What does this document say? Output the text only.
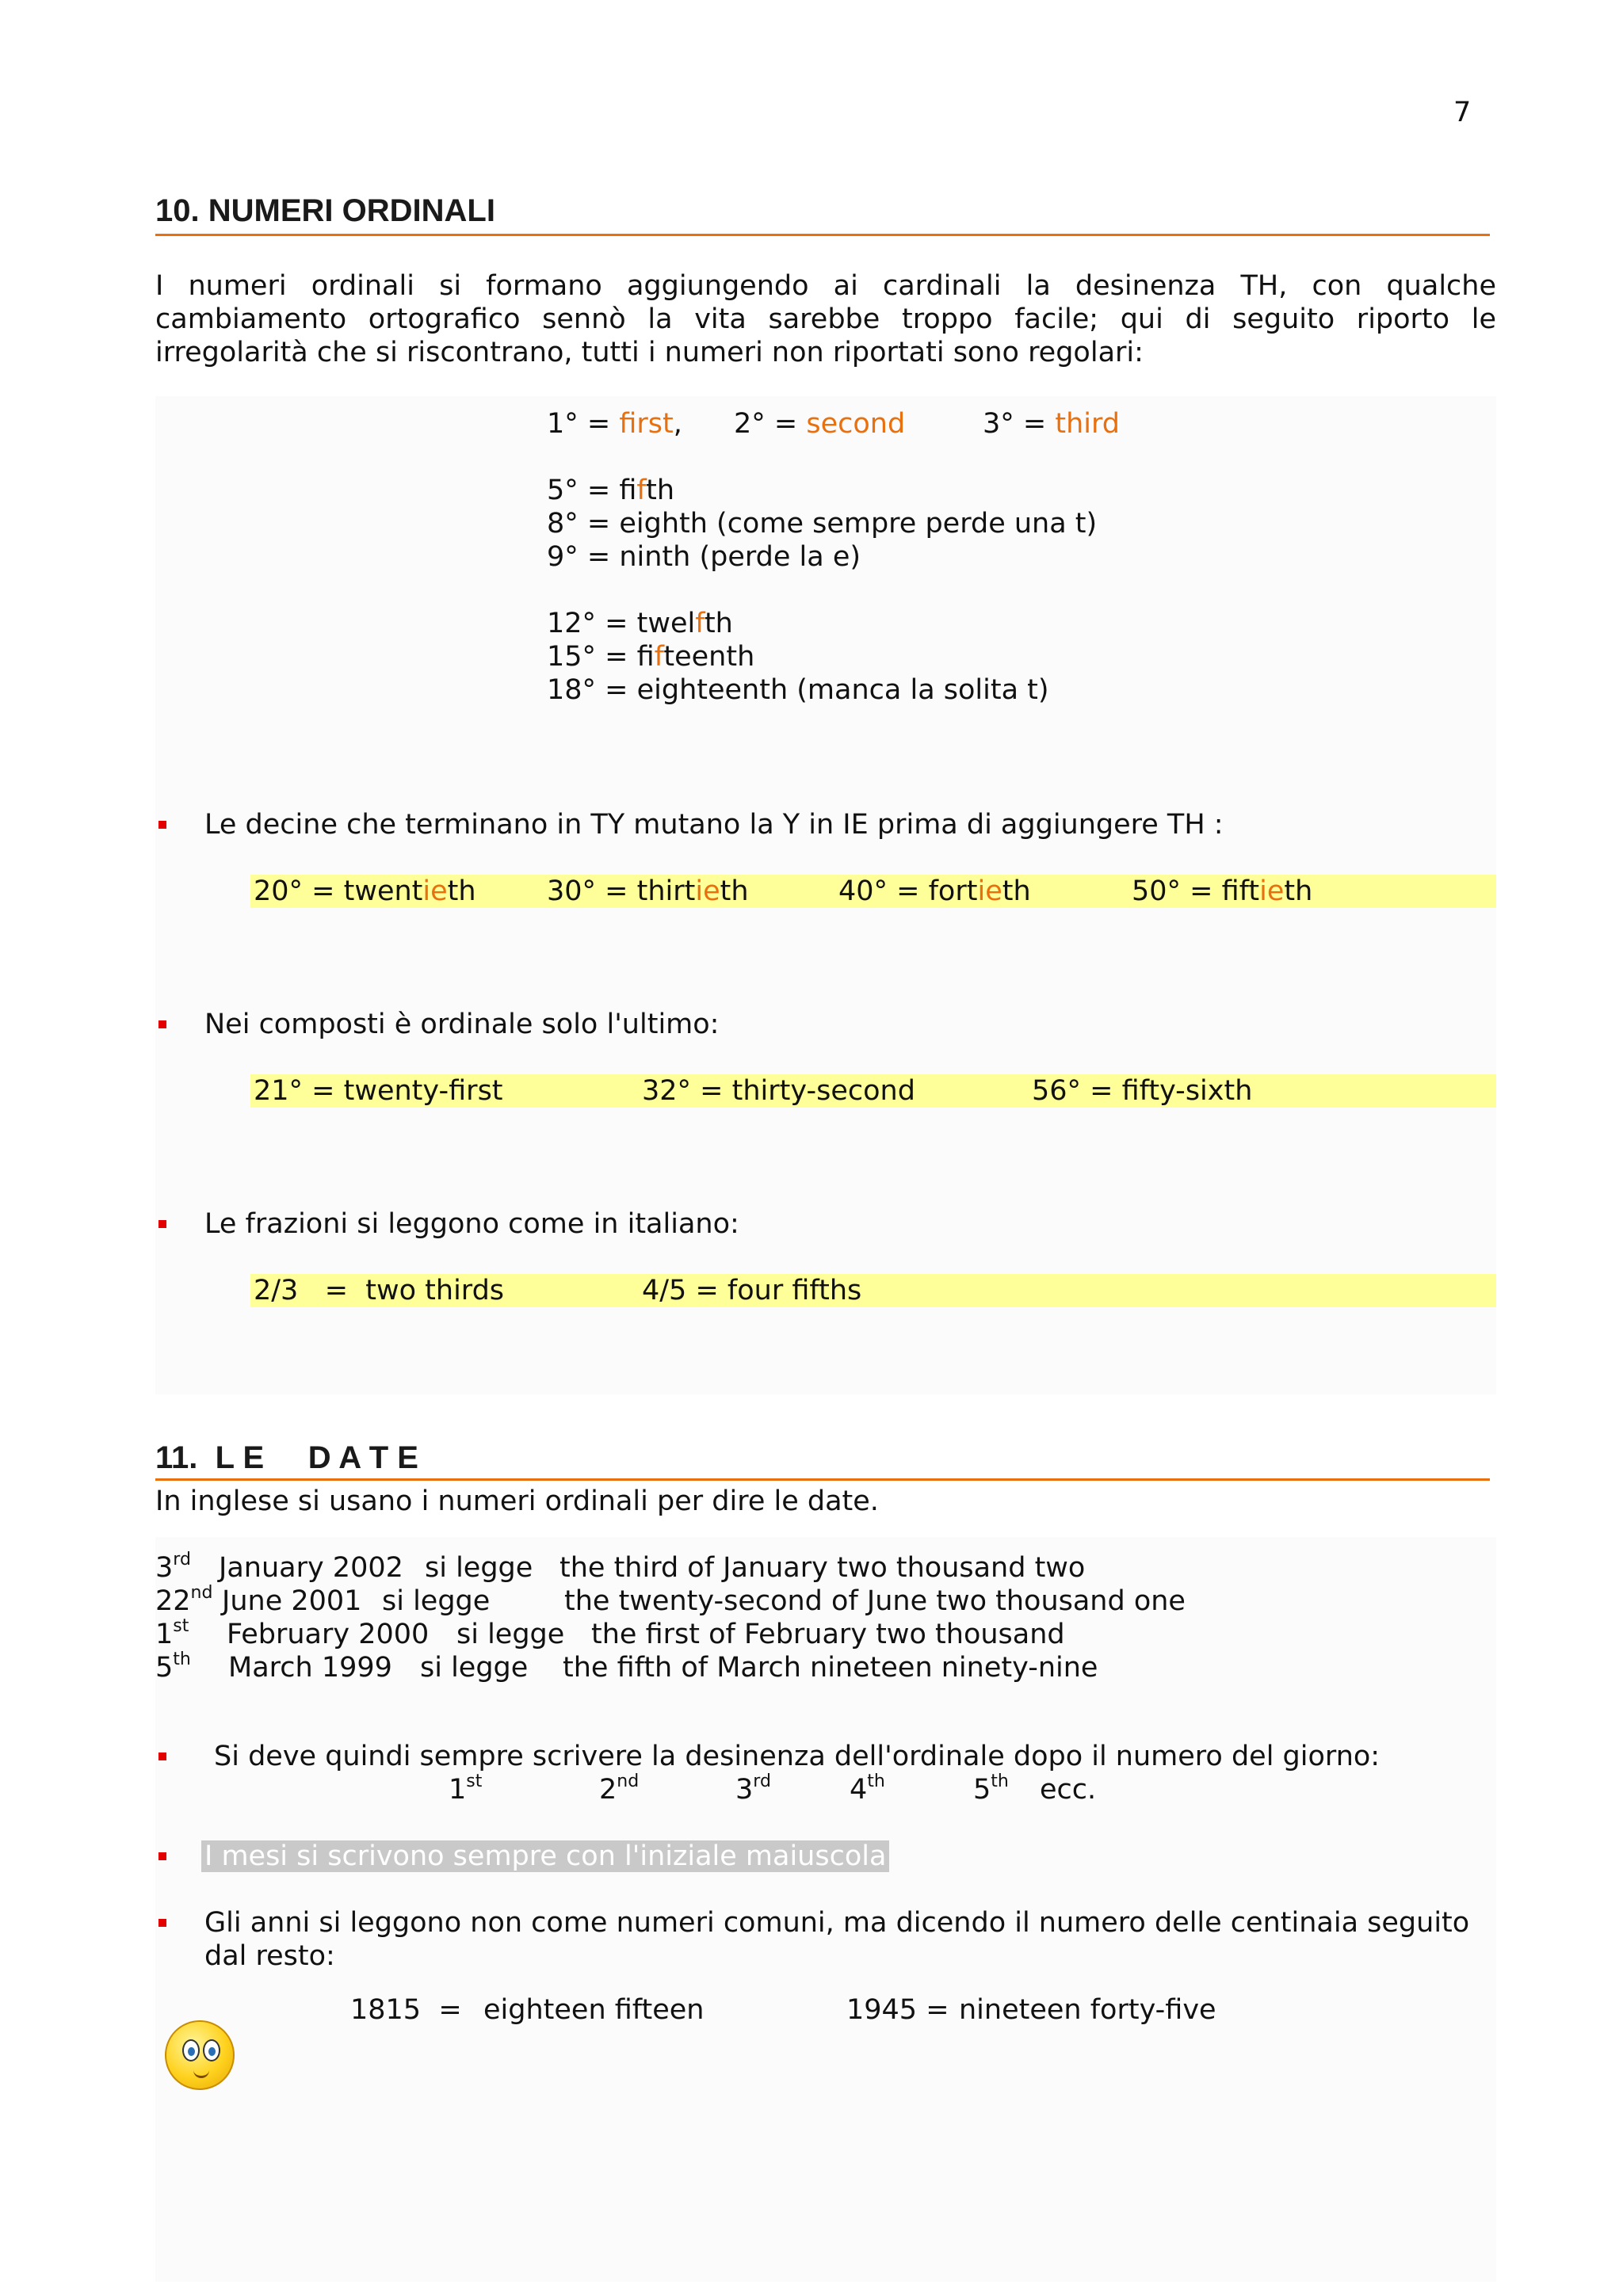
7
10. NUMERI ORDINALI
I numeri ordinali si formano aggiungendo ai cardinali la desinenza TH, con qualche cambiamento ortografico sennò la vita sarebbe troppo facile; qui di seguito riporto le irregolarità che si riscontrano, tutti i numeri non riportati sono regolari:
1° = first, 2° = second	3° = third
5° = fifth
8° = eighth (come sempre perde una t)
9° = ninth (perde la e)
12° = twelfth
15° = fifteenth
18° = eighteenth (manca la solita t)
Le decine che terminano in TY mutano la Y in IE prima di aggiungere TH :
20° = twentieth	30° = thirtieth	40° = fortieth	50° = fiftieth
Nei composti è ordinale solo l'ultimo:
21° = twenty-first	32° = thirty-second	56° = fifty-sixth
Le frazioni si leggono come in italiano:
2/3   =  two thirds	4/5 = four fifths
11.  L E     D A T E
In inglese si usano i numeri ordinali per dire le date.
3rd January 2002 si legge the third of January two thousand two
22nd June 2001 si legge	the twenty-second of June two thousand one
1st February 2000 si legge the first of February two thousand
5th March 1999 si legge the fifth of March nineteen ninety-nine
Si deve quindi sempre scrivere la desinenza dell'ordinale dopo il numero del giorno:
1st	2nd	3rd	4th	5th ecc.
I mesi si scrivono sempre con l'iniziale maiuscola
Gli anni si leggono non come numeri comuni, ma dicendo il numero delle centinaia seguito dal resto:
1815  = eighteen fifteen	1945 = nineteen forty-five
